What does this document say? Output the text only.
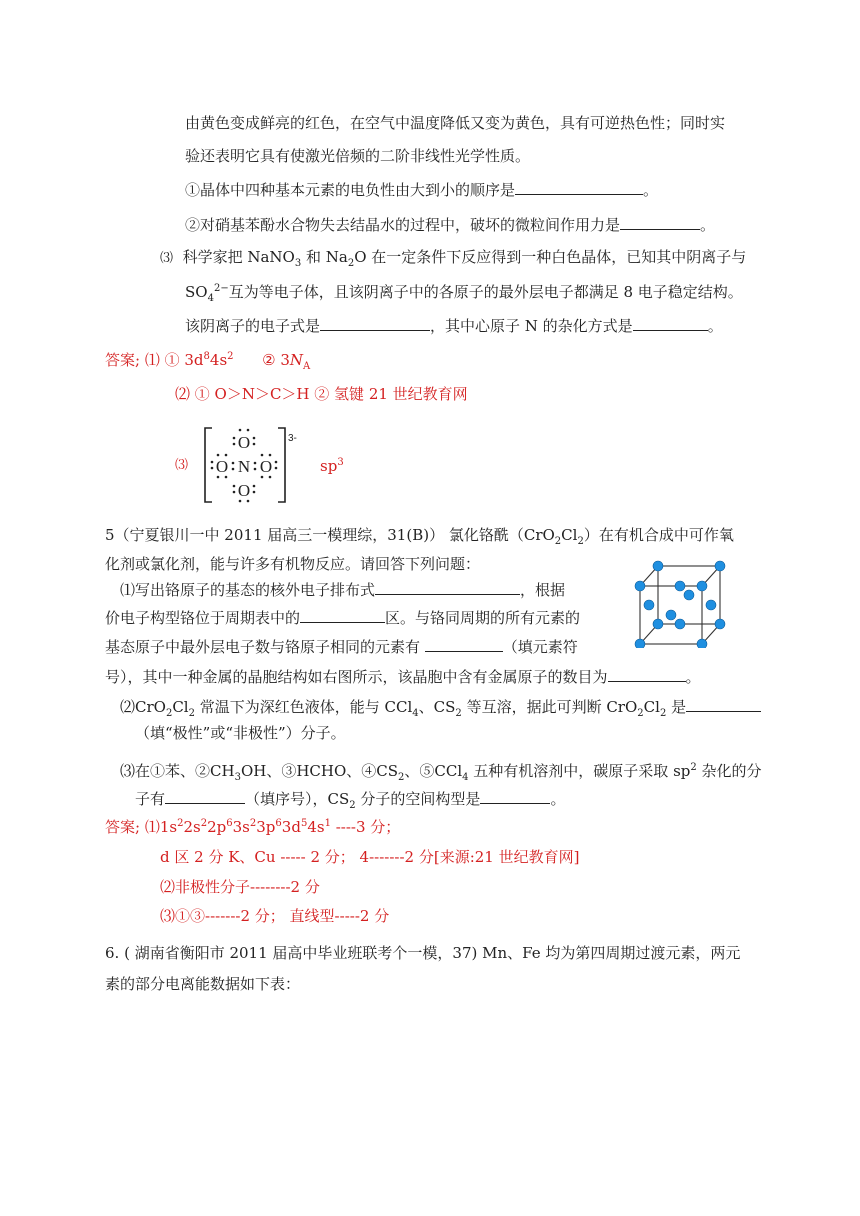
由黄色变成鲜亮的红色，在空气中温度降低又变为黄色，具有可逆热色性；同时实
验还表明它具有使激光倍频的二阶非线性光学性质。
①晶体中四种基本元素的电负性由大到小的顺序是	。
②对硝基苯酚水合物失去结晶水的过程中，破坏的微粒间作用力是	。
⑶ 科学家把 NaNO$_3$ 和 $Na_2O$ 在一定条件下反应得到一种白色晶体，已知其中阴离子与
$SO_4^{2-}$互为等电子体，且该阴离子中的各原子的最外层电子都满足 8 电子稳定结构。
该阴离子的电子式是	，其中心原子 N 的杂化方式是	。
答案; ⑴ ① $3d^84s^2$ ② $3N_A$
⑵ ① O＞N＞C＞H ② 氢键 21 世纪教育网
⑶
O
O N O
O
3-
$sp^3$
5（宁夏银川一中 2011 届高三一模理综，31(B)） 氯化铬酰$(CrO_2Cl_2)$在有机合成中可作氧
化剂或氯化剂，能与许多有机物反应。请回答下列问题：
⑴写出铬原子的基态的核外电子排布式	，根据
价电子构型铬位于周期表中的	区。与铬同周期的所有元素的
基态原子中最外层电子数与铬原子相同的元素有	（填元素符
号），其中一种金属的晶胞结构如右图所示，该晶胞中含有金属原子的数目为	。
$⑵CrO_2Cl_2$ 常温下为深红色液体，能与 CCl$_4$、$CS_2$ 等互溶，据此可判断 $CrO_2Cl_2$ 是
（填“极性”或“非极性”）分子。
⑶在①苯、$②CH_3OH$、③HCHO、$④CS_2$、⑤CCl$_4$ 五种有机溶剂中，碳原子采取 $sp^2$ 杂化的分
子有	（填序号），$CS_2$ 分子的空间构型是	。
答案; $⑴1s^22s^22p^63s^23p^63d^54s^1$ ----3 分；
d 区 2 分 K、Cu ----- 2 分； 4-------2 分[来源:21 世纪教育网]
⑵非极性分子--------2 分
⑶①③-------2 分； 直线型-----2 分
6. ( 湖南省衡阳市 2011 届高中毕业班联考个一模，37) Mn、Fe 均为第四周期过渡元素，两元
素的部分电离能数据如下表：
